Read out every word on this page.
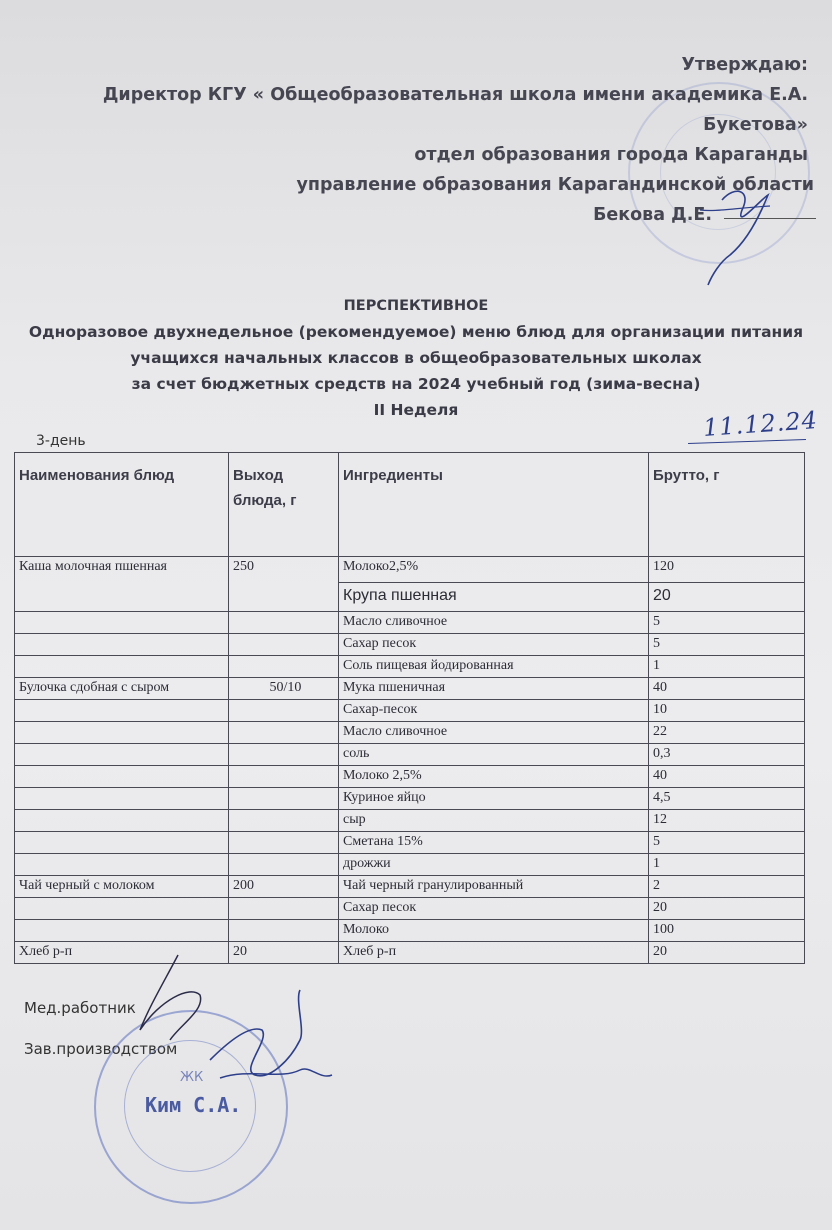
Утверждаю:
Директор КГУ « Общеобразовательная школа имени академика Е.А.
Букетова»
отдел образования города Караганды
управление образования Карагандинской области
Бекова Д.Е.
ПЕРСПЕКТИВНОЕ
Одноразовое двухнедельное (рекомендуемое) меню блюд для организации питания
учащихся начальных классов в общеобразовательных школах
за счет бюджетных средств на 2024 учебный год (зима-весна)
II Неделя
3-день	11.12.24
Наименования блюд	Выход блюда, г	Ингредиенты	Брутто, г
Каша молочная пшенная	250	Молоко2,5%	120
		Крупа пшенная	20
		Масло сливочное	5
		Сахар песок	5
		Соль пищевая йодированная	1
Булочка сдобная с сыром	50/10	Мука пшеничная	40
		Сахар-песок	10
		Масло сливочное	22
		соль	0,3
		Молоко 2,5%	40
		Куриное яйцо	4,5
		сыр	12
		Сметана 15%	5
		дрожжи	1
Чай черный с молоком	200	Чай черный гранулированный	2
		Сахар песок	20
		Молоко	100
Хлеб р-п	20	Хлеб р-п	20
Мед.работник
Зав.производством
ЖК
Ким С.А.
